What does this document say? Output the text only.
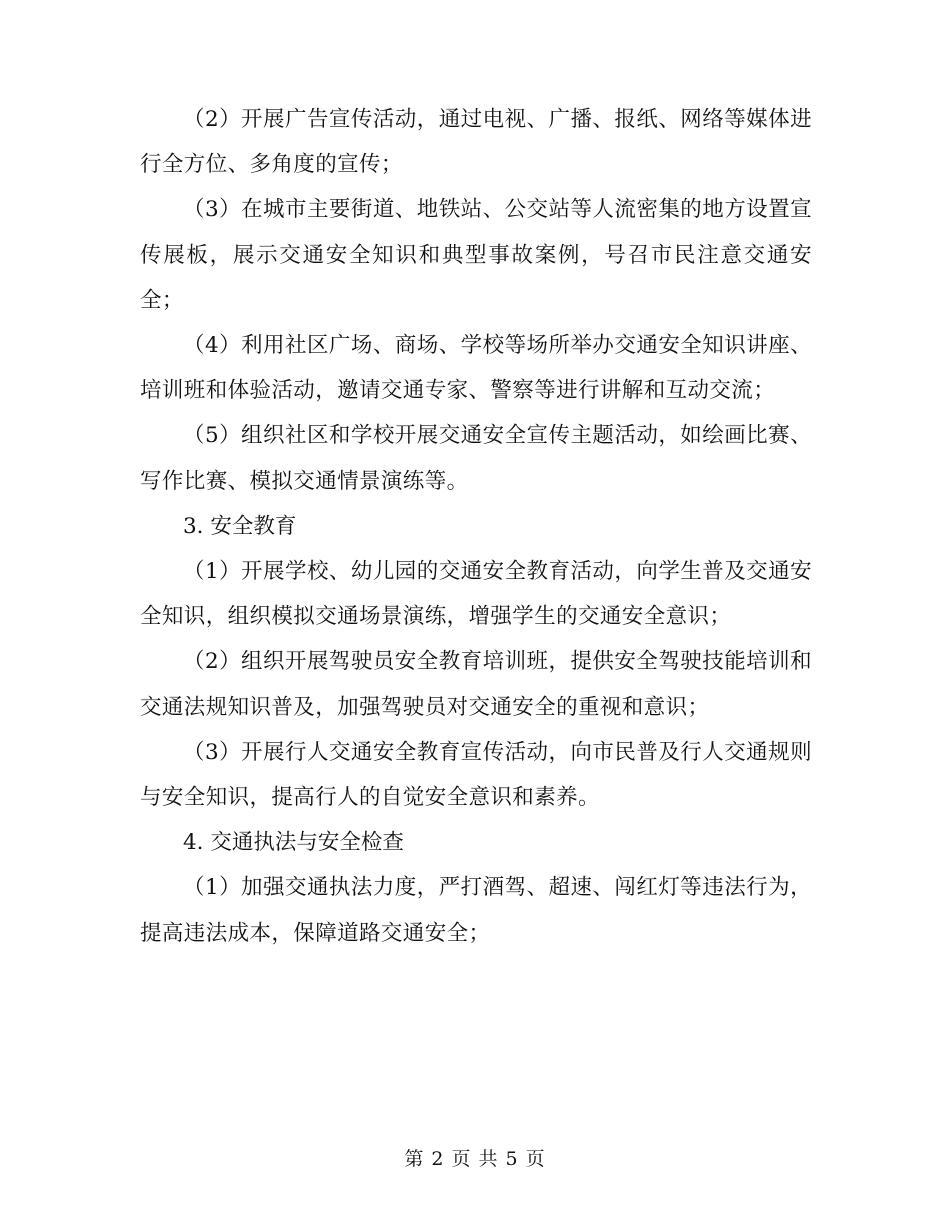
（2）开展广告宣传活动，通过电视、广播、报纸、网络等媒体进行全方位、多角度的宣传；

（3）在城市主要街道、地铁站、公交站等人流密集的地方设置宣传展板，展示交通安全知识和典型事故案例，号召市民注意交通安全；

（4）利用社区广场、商场、学校等场所举办交通安全知识讲座、培训班和体验活动，邀请交通专家、警察等进行讲解和互动交流；

（5）组织社区和学校开展交通安全宣传主题活动，如绘画比赛、写作比赛、模拟交通情景演练等。

3. 安全教育

（1）开展学校、幼儿园的交通安全教育活动，向学生普及交通安全知识，组织模拟交通场景演练，增强学生的交通安全意识；

（2）组织开展驾驶员安全教育培训班，提供安全驾驶技能培训和交通法规知识普及，加强驾驶员对交通安全的重视和意识；

（3）开展行人交通安全教育宣传活动，向市民普及行人交通规则与安全知识，提高行人的自觉安全意识和素养。

4. 交通执法与安全检查

（1）加强交通执法力度，严打酒驾、超速、闯红灯等违法行为，提高违法成本，保障道路交通安全；

第 2 页 共 5 页
